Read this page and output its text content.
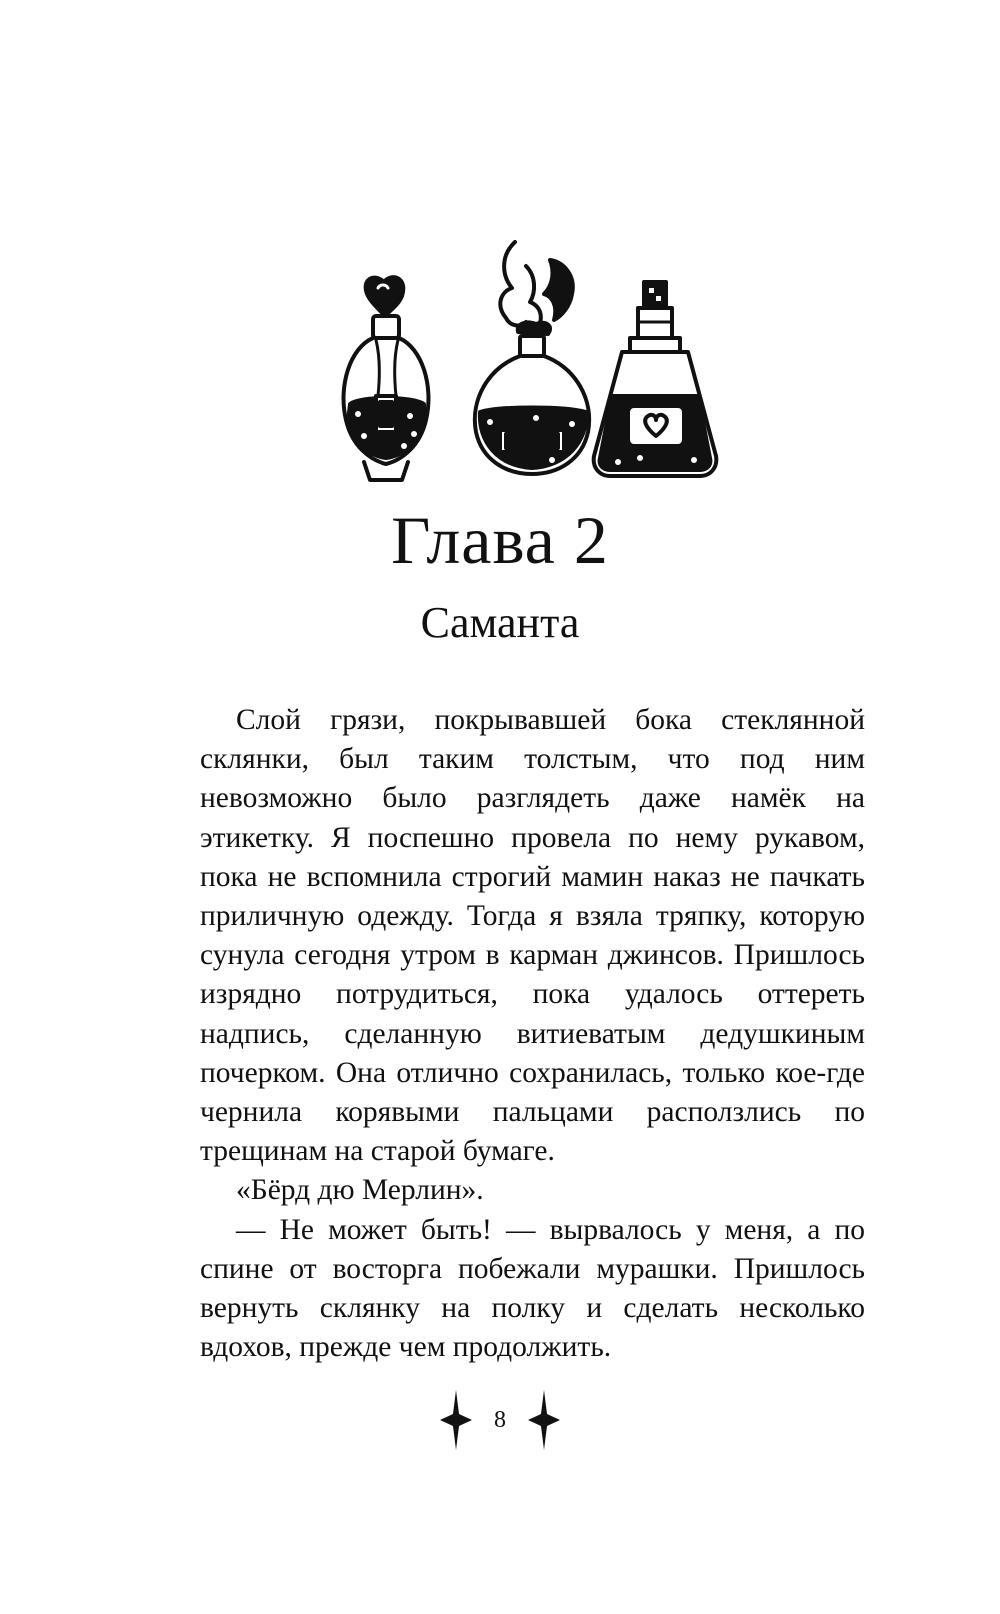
Глава 2
Саманта

Слой грязи, покрывавшей бока стеклянной склянки, был таким толстым, что под ним невозможно было разглядеть даже намёк на этикетку. Я поспешно провела по нему рукавом, пока не вспомнила строгий мамин наказ не пачкать приличную одежду. Тогда я взяла тряпку, которую сунула сегодня утром в карман джинсов. Пришлось изрядно потрудиться, пока удалось оттереть надпись, сделанную витиеватым дедушкиным почерком. Она отлично сохранилась, только кое-где чернила корявыми пальцами расползлись по трещинам на старой бумаге.

«Бёрд дю Мерлин».

— Не может быть! — вырвалось у меня, а по спине от восторга побежали мурашки. Пришлось вернуть склянку на полку и сделать несколько вдохов, прежде чем продолжить.

8
